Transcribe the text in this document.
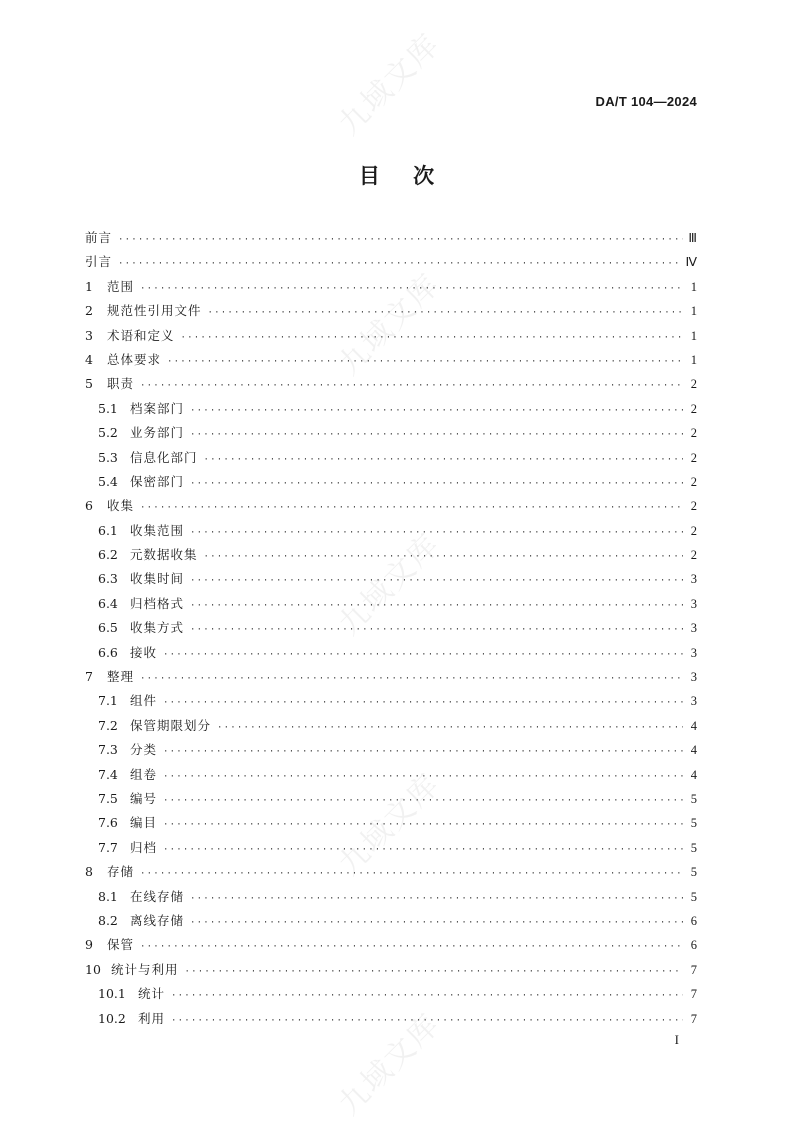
九域文库
九域文库
九域文库
九域文库
九域文库
DA/T 104—2024
目 次
前言 ·····	Ⅲ
引言 ·····	Ⅳ
1	范围 ·····	1
2	规范性引用文件 ·····	1
3	术语和定义 ·····	1
4	总体要求 ·····	1
5	职责 ·····	2
5.1 档案部门 ·····	2
5.2 业务部门 ·····	2
5.3 信息化部门 ·····	2
5.4 保密部门 ·····	2
6	收集 ·····	2
6.1 收集范围 ·····	2
6.2 元数据收集 ·····	2
6.3 收集时间 ·····	3
6.4 归档格式 ·····	3
6.5 收集方式 ·····	3
6.6 接收 ·····	3
7	整理 ·····	3
7.1 组件 ·····	3
7.2 保管期限划分 ·····	4
7.3 分类 ·····	4
7.4 组卷 ·····	4
7.5 编号 ·····	5
7.6 编目 ·····	5
7.7 归档 ·····	5
8	存储 ·····	5
8.1 在线存储 ·····	5
8.2 离线存储 ·····	6
9	保管 ·····	6
10 统计与利用 ·····	7
10.1 统计 ·····	7
10.2 利用 ·····	7
I
